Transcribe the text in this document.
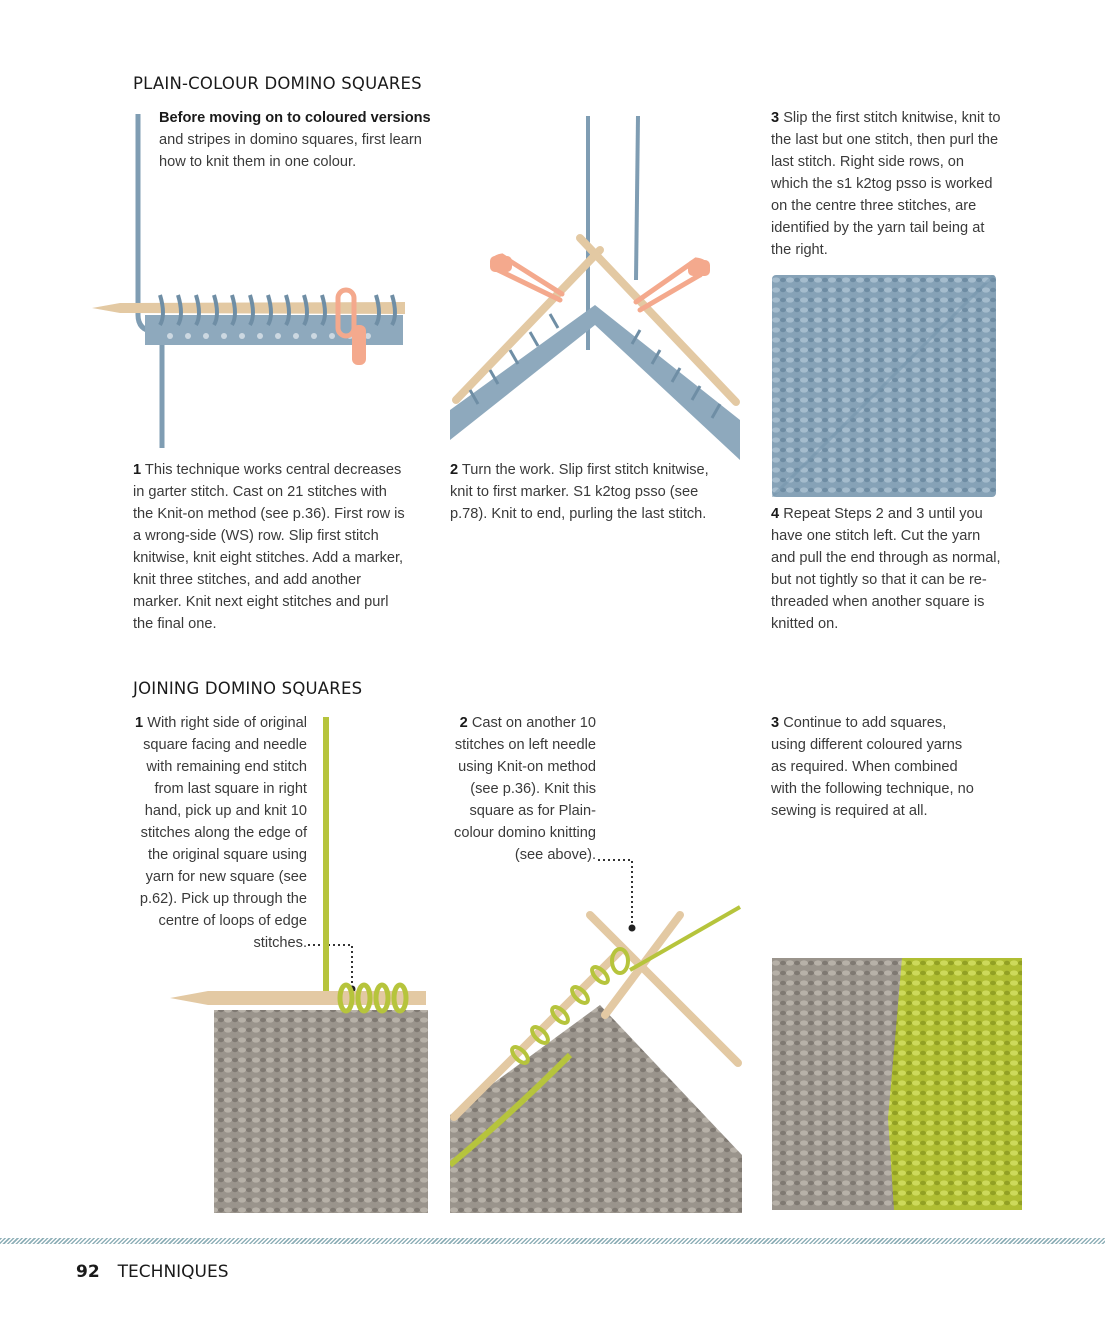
PLAIN-COLOUR DOMINO SQUARES

Before moving on to coloured versions and stripes in domino squares, first learn how to knit them in one colour.

3 Slip the first stitch knitwise, knit to the last but one stitch, then purl the last stitch. Right side rows, on which the s1 k2tog psso is worked on the centre three stitches, are identified by the yarn tail being at the right.

1 This technique works central decreases in garter stitch. Cast on 21 stitches with the Knit-on method (see p.36). First row is a wrong-side (WS) row. Slip first stitch knitwise, knit eight stitches. Add a marker, knit three stitches, and add another marker. Knit next eight stitches and purl the final one.

2 Turn the work. Slip first stitch knitwise, knit to first marker. S1 k2tog psso (see p.78). Knit to end, purling the last stitch.	4 Repeat Steps 2 and 3 until you have one stitch left. Cut the yarn and pull the end through as normal, but not tightly so that it can be re-threaded when another square is knitted on.

JOINING DOMINO SQUARES

1 With right side of original square facing and needle with remaining end stitch from last square in right hand, pick up and knit 10 stitches along the edge of the original square using yarn for new square (see p.62). Pick up through the centre of loops of edge stitches.

2 Cast on another 10 stitches on left needle using Knit-on method (see p.36). Knit this square as for Plain-colour domino knitting (see above).

3 Continue to add squares, using different coloured yarns as required. When combined with the following technique, no sewing is required at all.

92 TECHNIQUES
